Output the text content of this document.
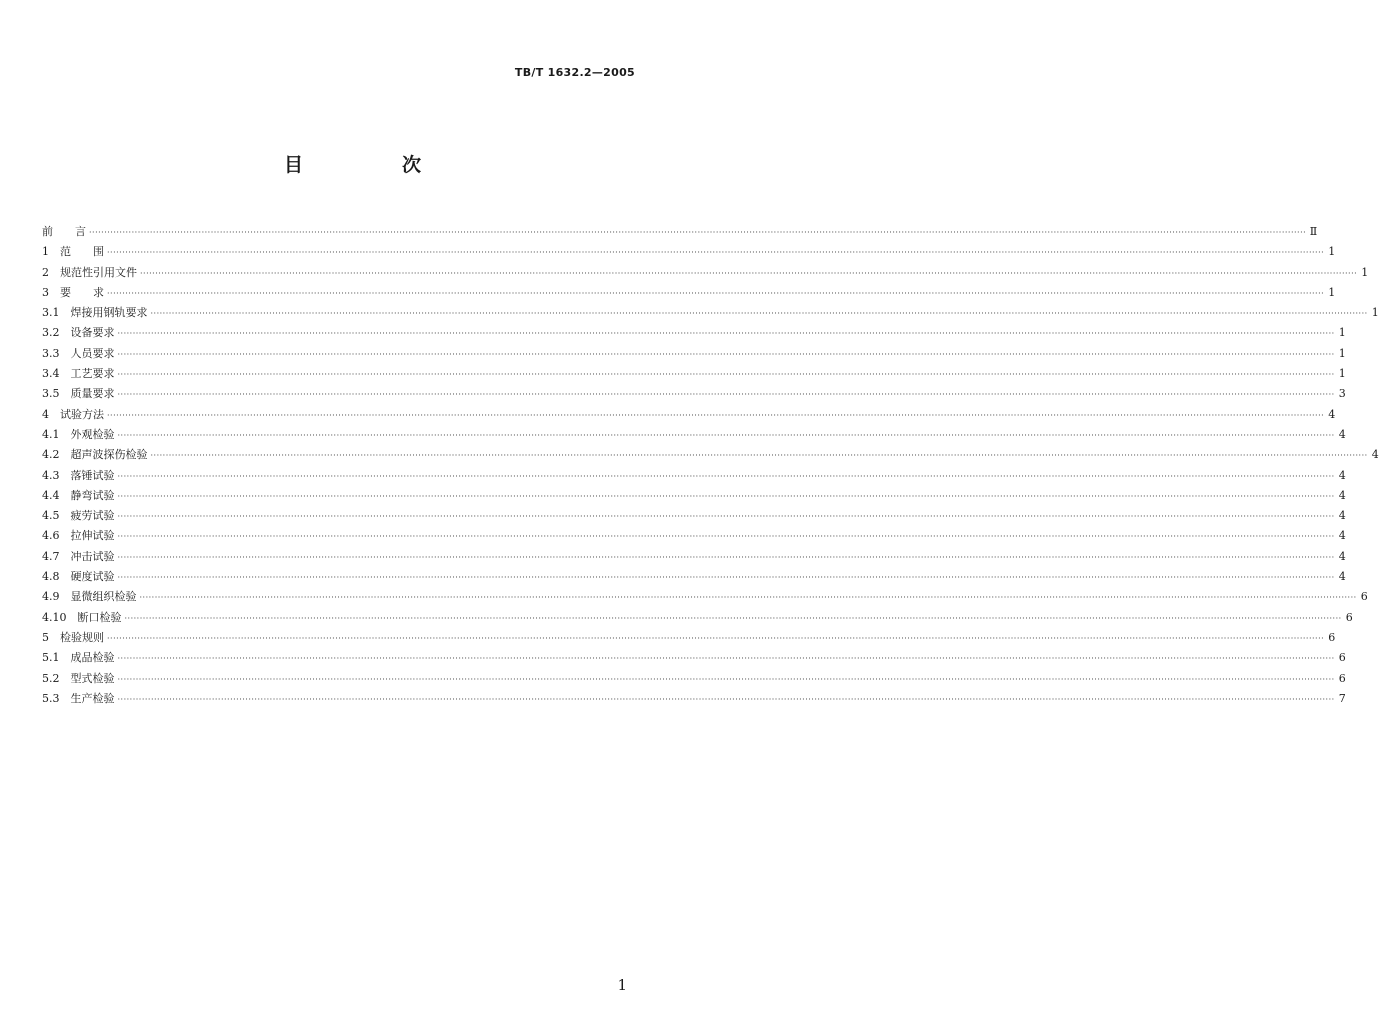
TB/T 1632.2—2005
目　次
前　　言 ················································································································································································································································································································································································································ Ⅱ
1　范　　围 ················································································································································································································································································································································································································ 1
2　规范性引用文件 ················································································································································································································································································································································································································ 1
3　要　　求 ················································································································································································································································································································································································································ 1
3.1　焊接用钢轨要求 ················································································································································································································································································································································································································ 1
3.2　设备要求 ················································································································································································································································································································································································································ 1
3.3　人员要求 ················································································································································································································································································································································································································ 1
3.4　工艺要求 ················································································································································································································································································································································································································ 1
3.5　质量要求 ················································································································································································································································································································································································································ 3
4　试验方法 ················································································································································································································································································································································································································ 4
4.1　外观检验 ················································································································································································································································································································································································································ 4
4.2　超声波探伤检验 ················································································································································································································································································································································································································ 4
4.3　落锤试验 ················································································································································································································································································································································································································ 4
4.4　静弯试验 ················································································································································································································································································································································································································ 4
4.5　疲劳试验 ················································································································································································································································································································································································································ 4
4.6　拉伸试验 ················································································································································································································································································································································································································ 4
4.7　冲击试验 ················································································································································································································································································································································································································ 4
4.8　硬度试验 ················································································································································································································································································································································································································ 4
4.9　显微组织检验 ················································································································································································································································································································································································································ 6
4.10　断口检验 ················································································································································································································································································································································································································ 6
5　检验规则 ················································································································································································································································································································································································································ 6
5.1　成品检验 ················································································································································································································································································································································································································ 6
5.2　型式检验 ················································································································································································································································································································································································································ 6
5.3　生产检验 ················································································································································································································································································································································································································ 7
1
